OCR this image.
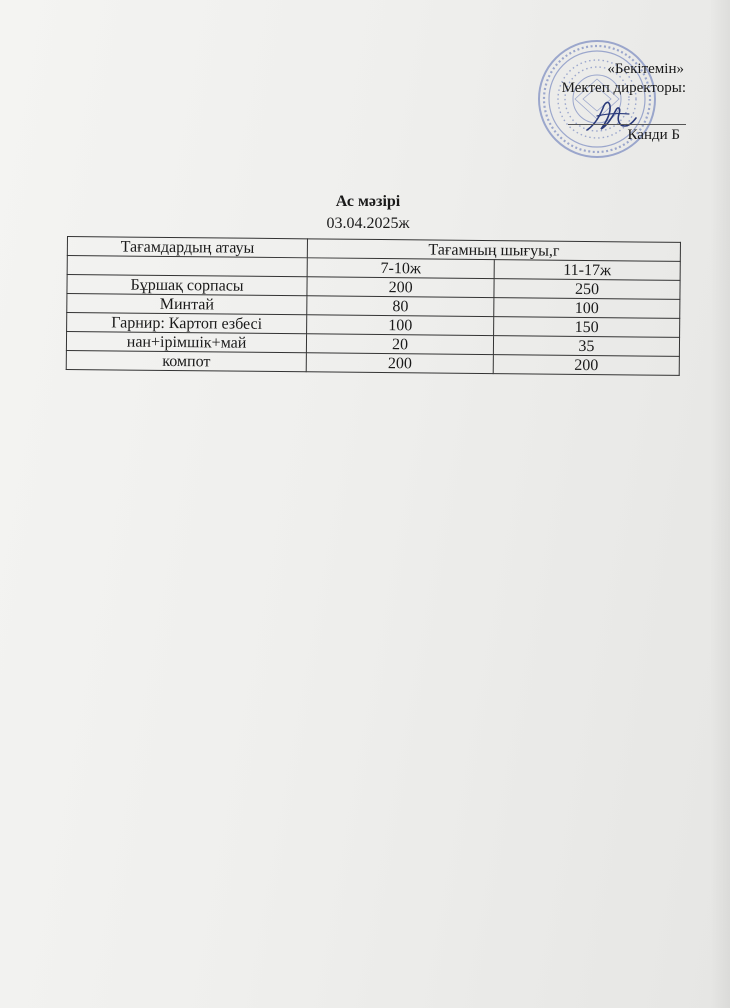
«Бекітемін»
Мектеп директоры:
Канди Б
Ас мәзірі
03.04.2025ж
Тағамдардың атауы	Тағамның шығуы,г	
	7-10ж	11-17ж
Бұршақ сорпасы	200	250
Минтай	80	100
Гарнир: Картоп езбесі	100	150
нан+ірімшік+май	20	35
компот	200	200
